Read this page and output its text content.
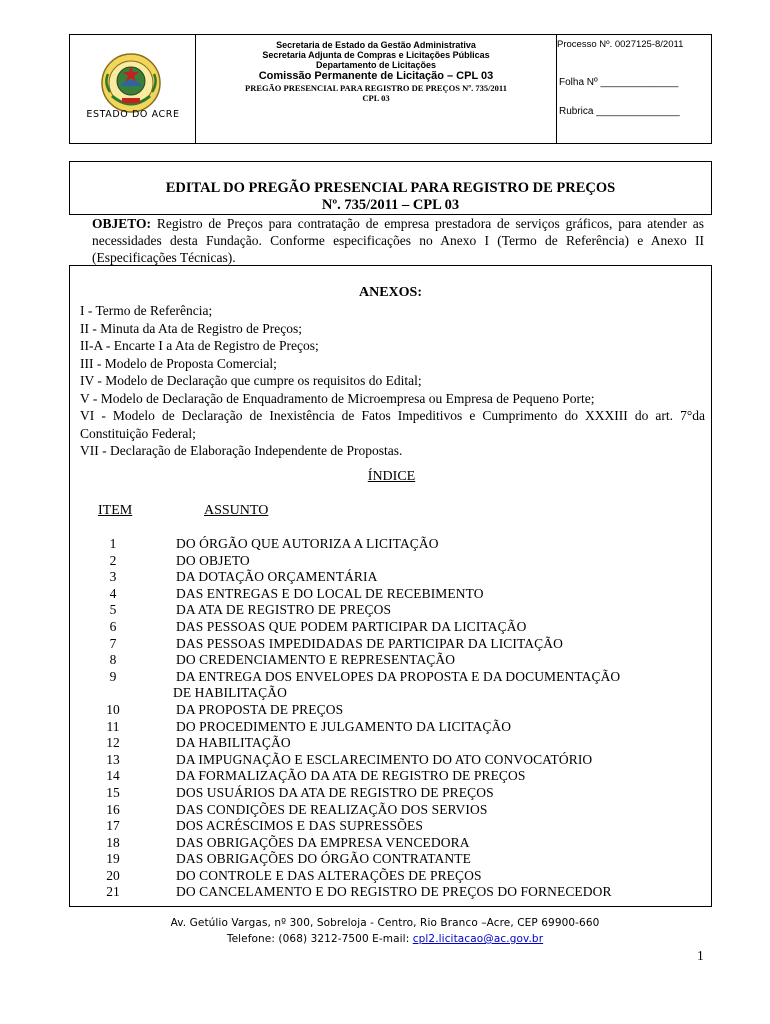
ESTADO DO ACRE
Secretaria de Estado da Gestão Administrativa
Secretaria Adjunta de Compras e Licitações Públicas
Departamento de Licitações
Comissão Permanente de Licitação – CPL 03
PREGÃO PRESENCIAL PARA REGISTRO DE PREÇOS Nº. 735/2011
CPL 03
Processo Nº. 0027125-8/2011
Folha Nº ______________
Rubrica _______________
EDITAL DO PREGÃO PRESENCIAL PARA REGISTRO DE PREÇOS
Nº. 735/2011 – CPL 03
OBJETO: Registro de Preços para contratação de empresa prestadora de serviços gráficos, para atender as necessidades desta Fundação. Conforme especificações no Anexo I (Termo de Referência) e Anexo II (Especificações Técnicas).
ANEXOS:
I - Termo de Referência;
II - Minuta da Ata de Registro de Preços;
II-A - Encarte I a Ata de Registro de Preços;
III - Modelo de Proposta Comercial;
IV - Modelo de Declaração que cumpre os requisitos do Edital;
V - Modelo de Declaração de Enquadramento de Microempresa ou Empresa de Pequeno Porte;
VI - Modelo de Declaração de Inexistência de Fatos Impeditivos e Cumprimento do XXXIII do art. 7°da Constituição Federal;
VII - Declaração de Elaboração Independente de Propostas.
ÍNDICE
ITEM	ASSUNTO
1	DO ÓRGÃO QUE AUTORIZA A LICITAÇÃO
2	DO OBJETO
3	DA DOTAÇÃO ORÇAMENTÁRIA
4	DAS ENTREGAS E DO LOCAL DE RECEBIMENTO
5	DA ATA DE REGISTRO DE PREÇOS
6	DAS PESSOAS QUE PODEM PARTICIPAR DA LICITAÇÃO
7	DAS PESSOAS IMPEDIDADAS DE PARTICIPAR DA LICITAÇÃO
8	DO CREDENCIAMENTO E REPRESENTAÇÃO
9	DA ENTREGA DOS ENVELOPES DA PROPOSTA E DA DOCUMENTAÇÃO
DE HABILITAÇÃO
10	DA PROPOSTA DE PREÇOS
11	DO PROCEDIMENTO E JULGAMENTO DA LICITAÇÃO
12	DA HABILITAÇÃO
13	DA IMPUGNAÇÃO E ESCLARECIMENTO DO ATO CONVOCATÓRIO
14	DA FORMALIZAÇÃO DA ATA DE REGISTRO DE PREÇOS
15	DOS USUÁRIOS DA ATA DE REGISTRO DE PREÇOS
16	DAS CONDIÇÕES DE REALIZAÇÃO DOS SERVIOS
17	DOS ACRÉSCIMOS E DAS SUPRESSÕES
18	DAS OBRIGAÇÕES DA EMPRESA VENCEDORA
19	DAS OBRIGAÇÕES DO ÓRGÃO CONTRATANTE
20	DO CONTROLE E DAS ALTERAÇÕES DE PREÇOS
21	DO CANCELAMENTO E DO REGISTRO DE PREÇOS DO FORNECEDOR
Av. Getúlio Vargas, nº 300, Sobreloja - Centro, Rio Branco –Acre, CEP 69900-660
Telefone: (068) 3212-7500 E-mail: cpl2.licitacao@ac.gov.br
1
